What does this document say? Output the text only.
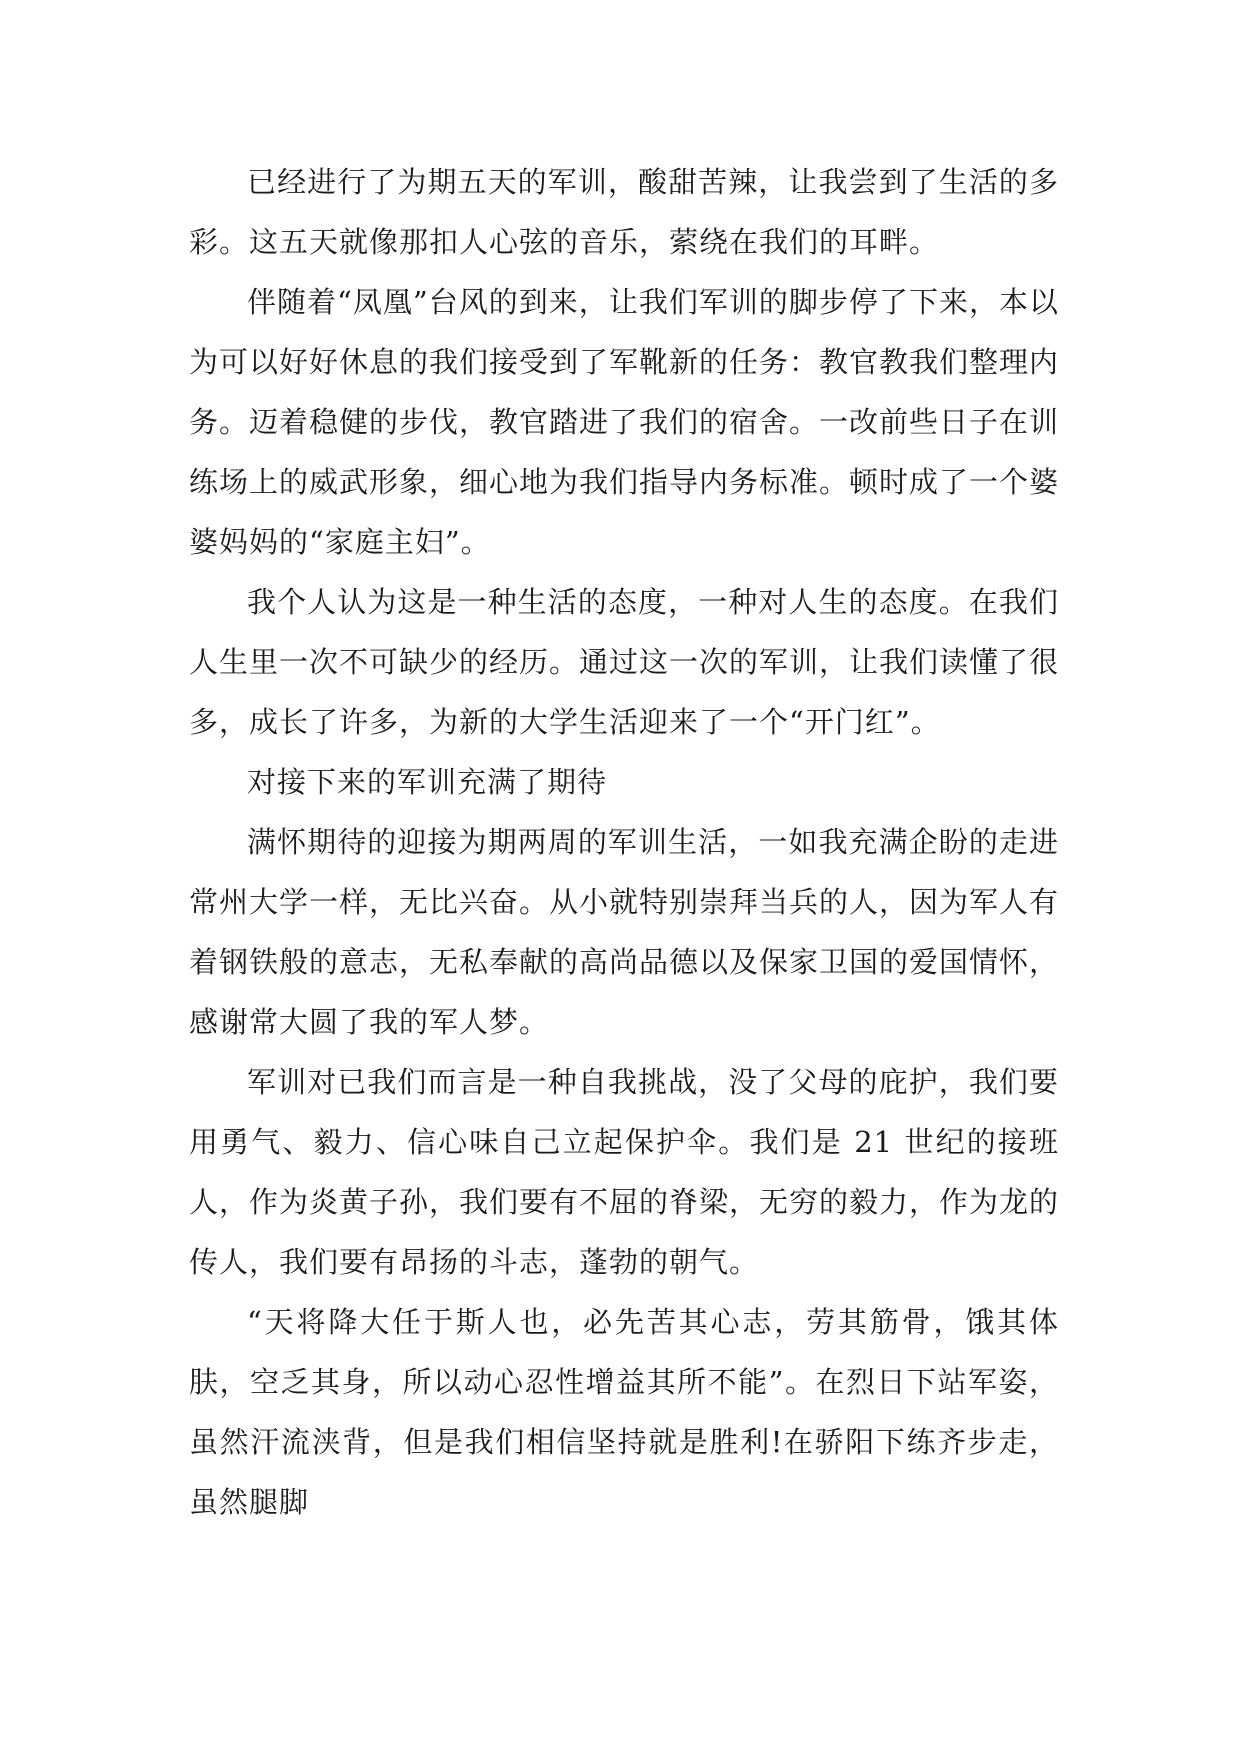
已经进行了为期五天的军训，酸甜苦辣，让我尝到了生活的多彩。这五天就像那扣人心弦的音乐，萦绕在我们的耳畔。

伴随着“凤凰”台风的到来，让我们军训的脚步停了下来，本以为可以好好休息的我们接受到了军靴新的任务：教官教我们整理内务。迈着稳健的步伐，教官踏进了我们的宿舍。一改前些日子在训练场上的威武形象，细心地为我们指导内务标准。顿时成了一个婆婆妈妈的“家庭主妇”。

我个人认为这是一种生活的态度，一种对人生的态度。在我们人生里一次不可缺少的经历。通过这一次的军训，让我们读懂了很多，成长了许多，为新的大学生活迎来了一个“开门红”。

对接下来的军训充满了期待

满怀期待的迎接为期两周的军训生活，一如我充满企盼的走进常州大学一样，无比兴奋。从小就特别崇拜当兵的人，因为军人有着钢铁般的意志，无私奉献的高尚品德以及保家卫国的爱国情怀，感谢常大圆了我的军人梦。

军训对已我们而言是一种自我挑战，没了父母的庇护，我们要用勇气、毅力、信心味自己立起保护伞。我们是 21 世纪的接班人，作为炎黄子孙，我们要有不屈的脊梁，无穷的毅力，作为龙的传人，我们要有昂扬的斗志，蓬勃的朝气。

“天将降大任于斯人也，必先苦其心志，劳其筋骨，饿其体肤，空乏其身，所以动心忍性增益其所不能”。在烈日下站军姿，虽然汗流浃背，但是我们相信坚持就是胜利!在骄阳下练齐步走，虽然腿脚
